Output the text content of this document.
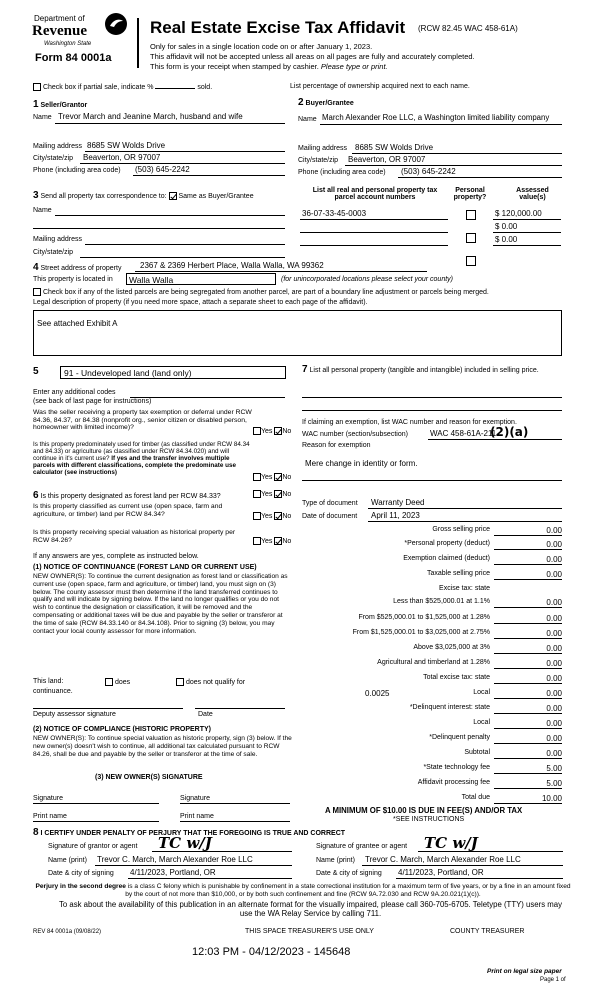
Department of
Revenue
Washington State
Form 84 0001a
Real Estate Excise Tax Affidavit (RCW 82.45 WAC 458-61A)
Only for sales in a single location code on or after January 1, 2023.
This affidavit will not be accepted unless all areas on all pages are fully and accurately completed.
This form is your receipt when stamped by cashier. Please type or print.
Check box if partial sale, indicate %	sold.	List percentage of ownership acquired next to each name.
1 Seller/Grantor
Name Trevor March and Jeanine March, husband and wife
Mailing address 8685 SW Wolds Drive
City/state/zip Beaverton, OR 97007
Phone (including area code) (503) 645-2242
2 Buyer/Grantee
Name March Alexander Roe LLC, a Washington limited liability company
Mailing address 8685 SW Wolds Drive
City/state/zip Beaverton, OR 97007
Phone (including area code) (503) 645-2242
3 Send all property tax correspondence to: Same as Buyer/Grantee
Name
Mailing address
City/state/zip
List all real and personal property tax
parcel account numbers
Personal
property?
Assessed
value(s)
36-07-33-45-0003	$ 120,000.00
$ 0.00
$ 0.00
4 Street address of property 2367 & 2369 Herbert Place, Walla Walla, WA 99362
This property is located in Walla Walla	(for unincorporated locations please select your county)
Check box if any of the listed parcels are being segregated from another parcel, are part of a boundary line adjustment or parcels being merged.
Legal description of property (if you need more space, attach a separate sheet to each page of the affidavit).
See attached Exhibit A
5	91 - Undeveloped land (land only)
Enter any additional codes
(see back of last page for instructions)
Was the seller receiving a property tax exemption or deferral under RCW 84.36, 84.37, or 84.38 (nonprofit org., senior citizen or disabled person, homeowner with limited income)?
Yes No
Is this property predominately used for timber (as classified under RCW 84.34 and 84.33) or agriculture (as classified under RCW 84.34.020) and will continue in it's current use? If yes and the transfer involves multiple parcels with different classifications, complete the predominate use calculator (see instructions)
Yes No
6 Is this property designated as forest land per RCW 84.33?	Yes No
Is this property classified as current use (open space, farm and agriculture, or timber) land per RCW 84.34?	Yes No
Is this property receiving special valuation as historical property per RCW 84.26?	Yes No
If any answers are yes, complete as instructed below.
(1) NOTICE OF CONTINUANCE (FOREST LAND OR CURRENT USE)
NEW OWNER(S): To continue the current designation as forest land or classification as current use (open space, farm and agriculture, or timber) land, you must sign on (3) below. The county assessor must then determine if the land transferred continues to qualify and will indicate by signing below. If the land no longer qualifies or you do not wish to continue the designation or classification, it will be removed and the compensating or additional taxes will be due and payable by the seller or transferor at the time of sale (RCW 84.33.140 or 84.34.108). Prior to signing (3) below, you may contact your local county assessor for more information.
This land:	does	does not qualify for
continuance.
Deputy assessor signature	Date
(2) NOTICE OF COMPLIANCE (HISTORIC PROPERTY)
NEW OWNER(S): To continue special valuation as historic property, sign (3) below. If the new owner(s) doesn't wish to continue, all additional tax calculated pursuant to RCW 84.26, shall be due and payable by the seller or transferor at the time of sale.
(3) NEW OWNER(S) SIGNATURE
Signature	Signature
Print name	Print name
7 List all personal property (tangible and intangible) included in selling price.
If claiming an exemption, list WAC number and reason for exemption.
WAC number (section/subsection)	WAC 458-61A-211
(2)(a)
Reason for exemption
Mere change in identity or form.
Type of document Warranty Deed
Date of document April 11, 2023
Gross selling price	0.00
*Personal property (deduct)	0.00
Exemption claimed (deduct)	0.00
Taxable selling price	0.00
Excise tax: state
Less than $525,000.01 at 1.1%	0.00
From $525,000.01 to $1,525,000 at 1.28%	0.00
From $1,525,000.01 to $3,025,000 at 2.75%	0.00
Above $3,025,000 at 3%	0.00
Agricultural and timberland at 1.28%	0.00
Total excise tax: state	0.00
0.0025	Local	0.00
*Delinquent interest: state	0.00
Local	0.00
*Delinquent penalty	0.00
Subtotal	0.00
*State technology fee	5.00
Affidavit processing fee	5.00
Total due	10.00
A MINIMUM OF $10.00 IS DUE IN FEE(S) AND/OR TAX
*SEE INSTRUCTIONS
8 I CERTIFY UNDER PENALTY OF PERJURY THAT THE FOREGOING IS TRUE AND CORRECT
Signature of grantor or agent TC w/J
Name (print) Trevor C. March, March Alexander Roe LLC
Date & city of signing 4/11/2023, Portland, OR
Signature of grantee or agent TC w/J
Name (print) Trevor C. March, March Alexander Roe LLC
Date & city of signing 4/11/2023, Portland, OR
Perjury in the second degree is a class C felony which is punishable by confinement in a state correctional institution for a maximum term of five years, or by a fine in an amount fixed by the court of not more than $10,000, or by both such confinement and fine (RCW 9A.72.030 and RCW 9A.20.021(1)(c)).
To ask about the availability of this publication in an alternate format for the visually impaired, please call 360-705-6705. Teletype (TTY) users may use the WA Relay Service by calling 711.
REV 84 0001a (09/08/22)	THIS SPACE TREASURER'S USE ONLY	COUNTY TREASURER
12:03 PM - 04/12/2023 - 145648
Print on legal size paper
Page 1 of
